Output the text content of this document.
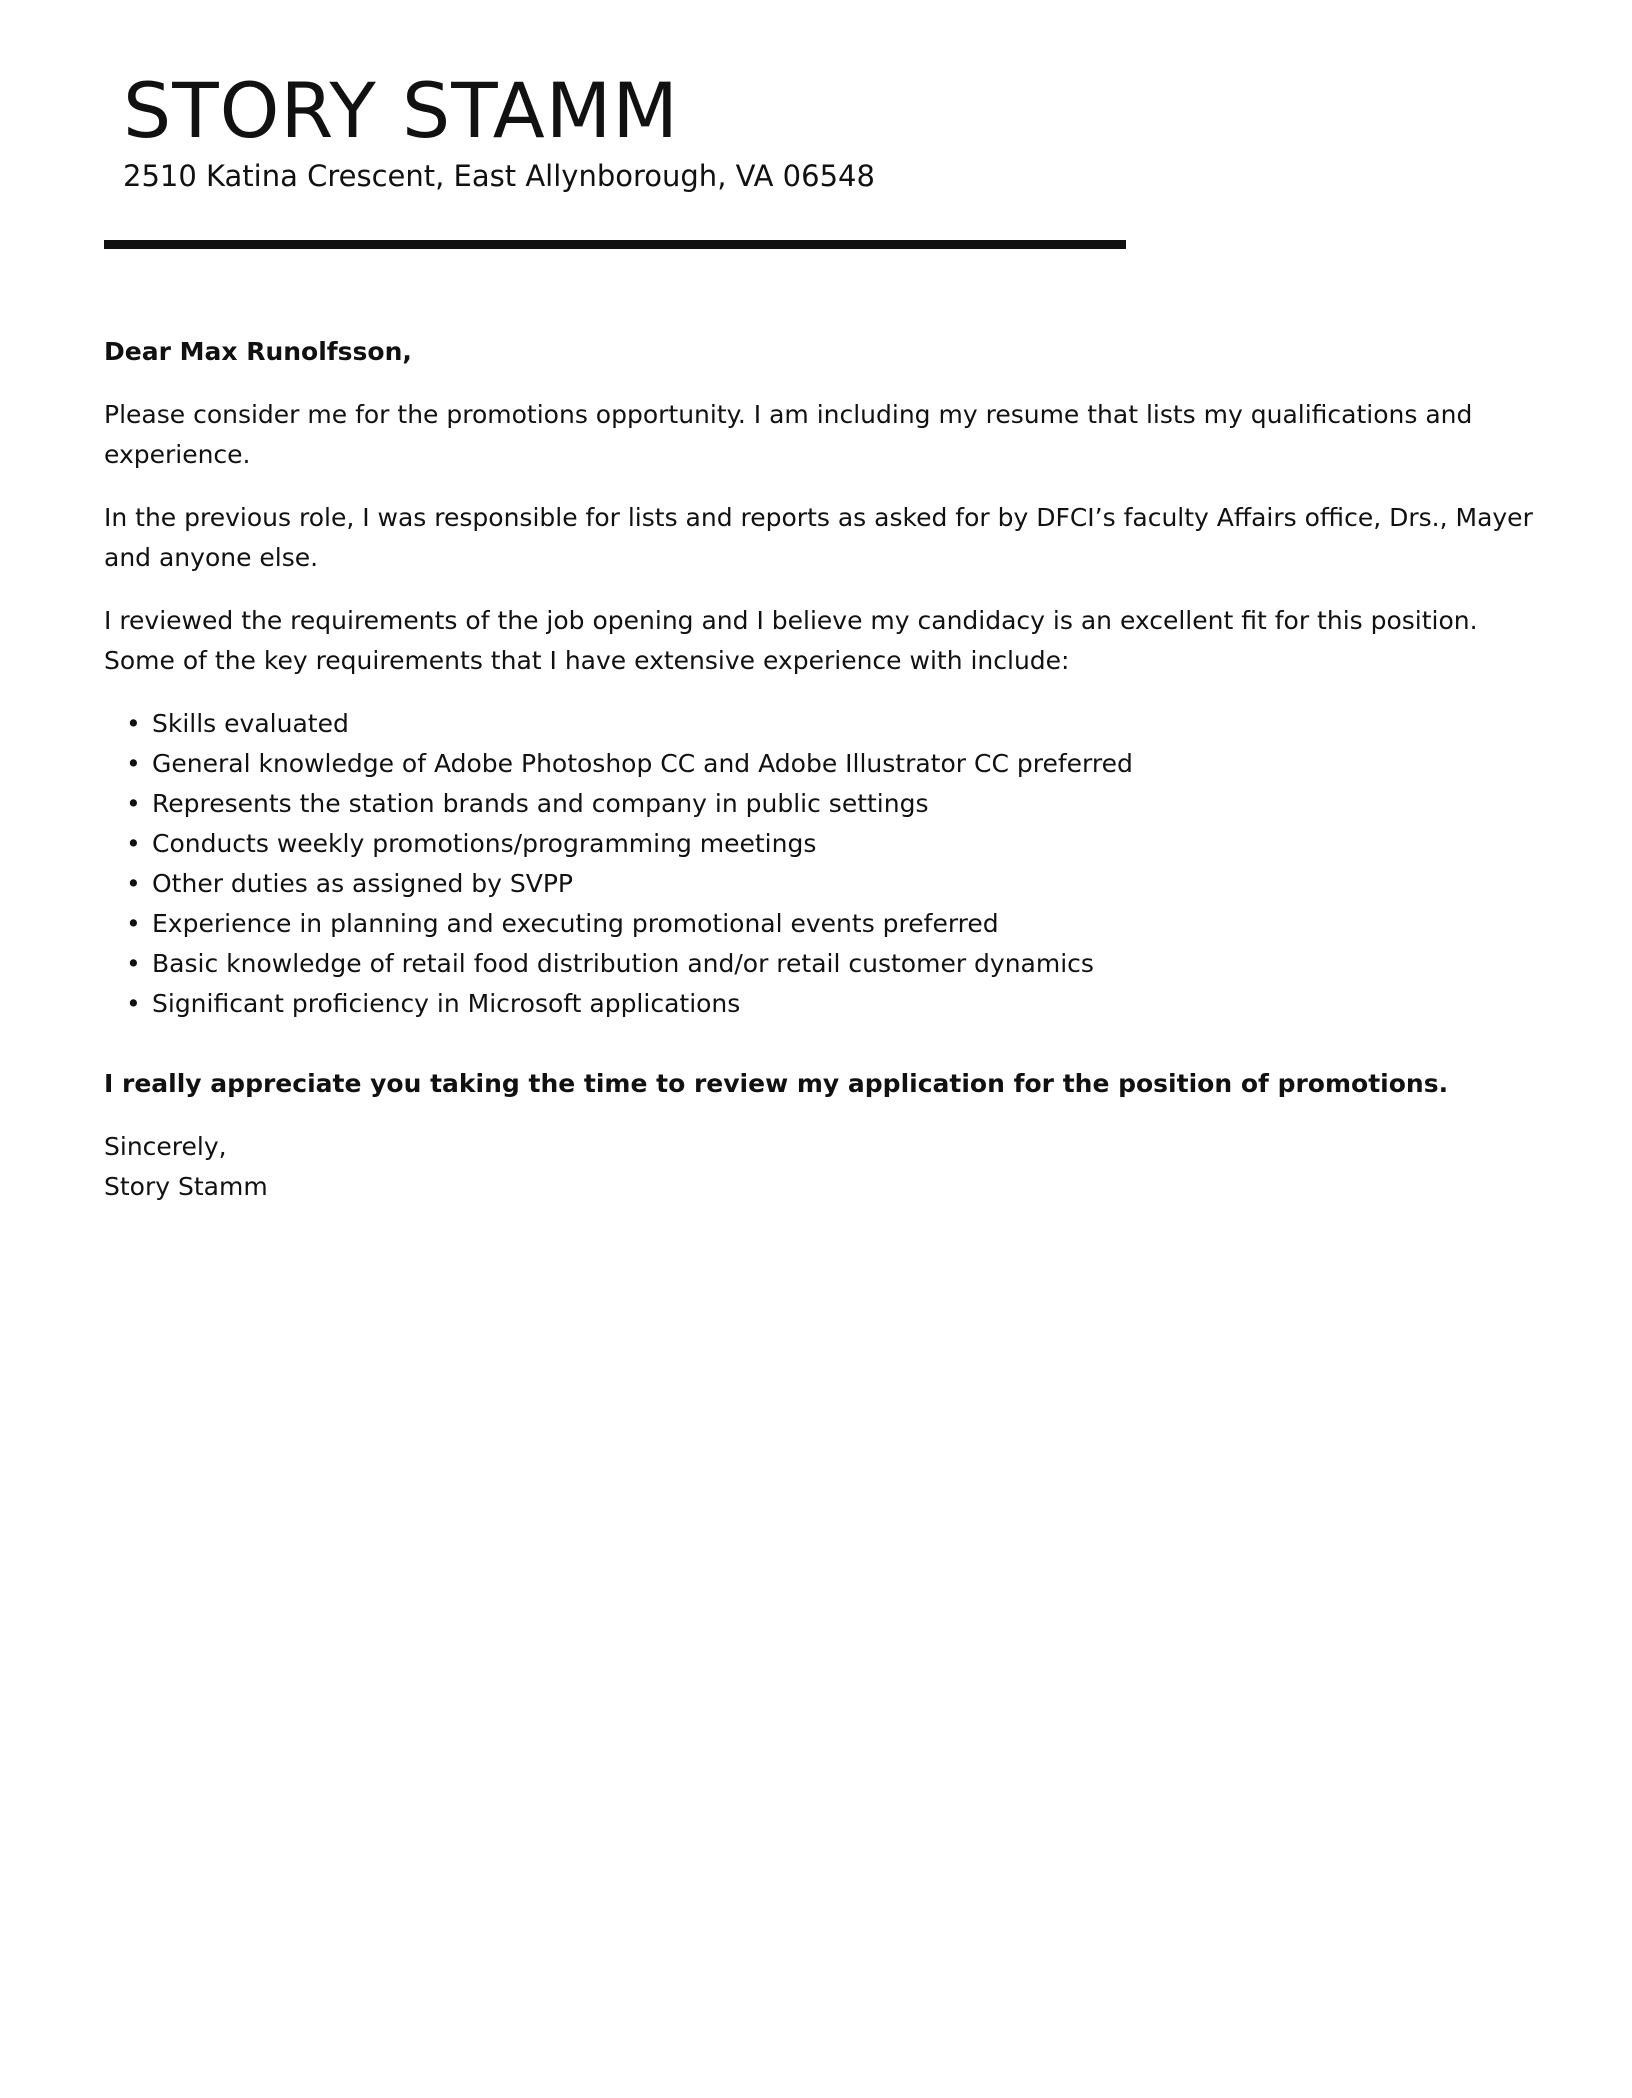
STORY STAMM
2510 Katina Crescent, East Allynborough, VA 06548

Dear Max Runolfsson,

Please consider me for the promotions opportunity. I am including my resume that lists my qualifications and experience.

In the previous role, I was responsible for lists and reports as asked for by DFCI’s faculty Affairs office, Drs., Mayer and anyone else.

I reviewed the requirements of the job opening and I believe my candidacy is an excellent fit for this position. Some of the key requirements that I have extensive experience with include:

• Skills evaluated
• General knowledge of Adobe Photoshop CC and Adobe Illustrator CC preferred
• Represents the station brands and company in public settings
• Conducts weekly promotions/programming meetings
• Other duties as assigned by SVPP
• Experience in planning and executing promotional events preferred
• Basic knowledge of retail food distribution and/or retail customer dynamics
• Significant proficiency in Microsoft applications

I really appreciate you taking the time to review my application for the position of promotions.

Sincerely,
Story Stamm
